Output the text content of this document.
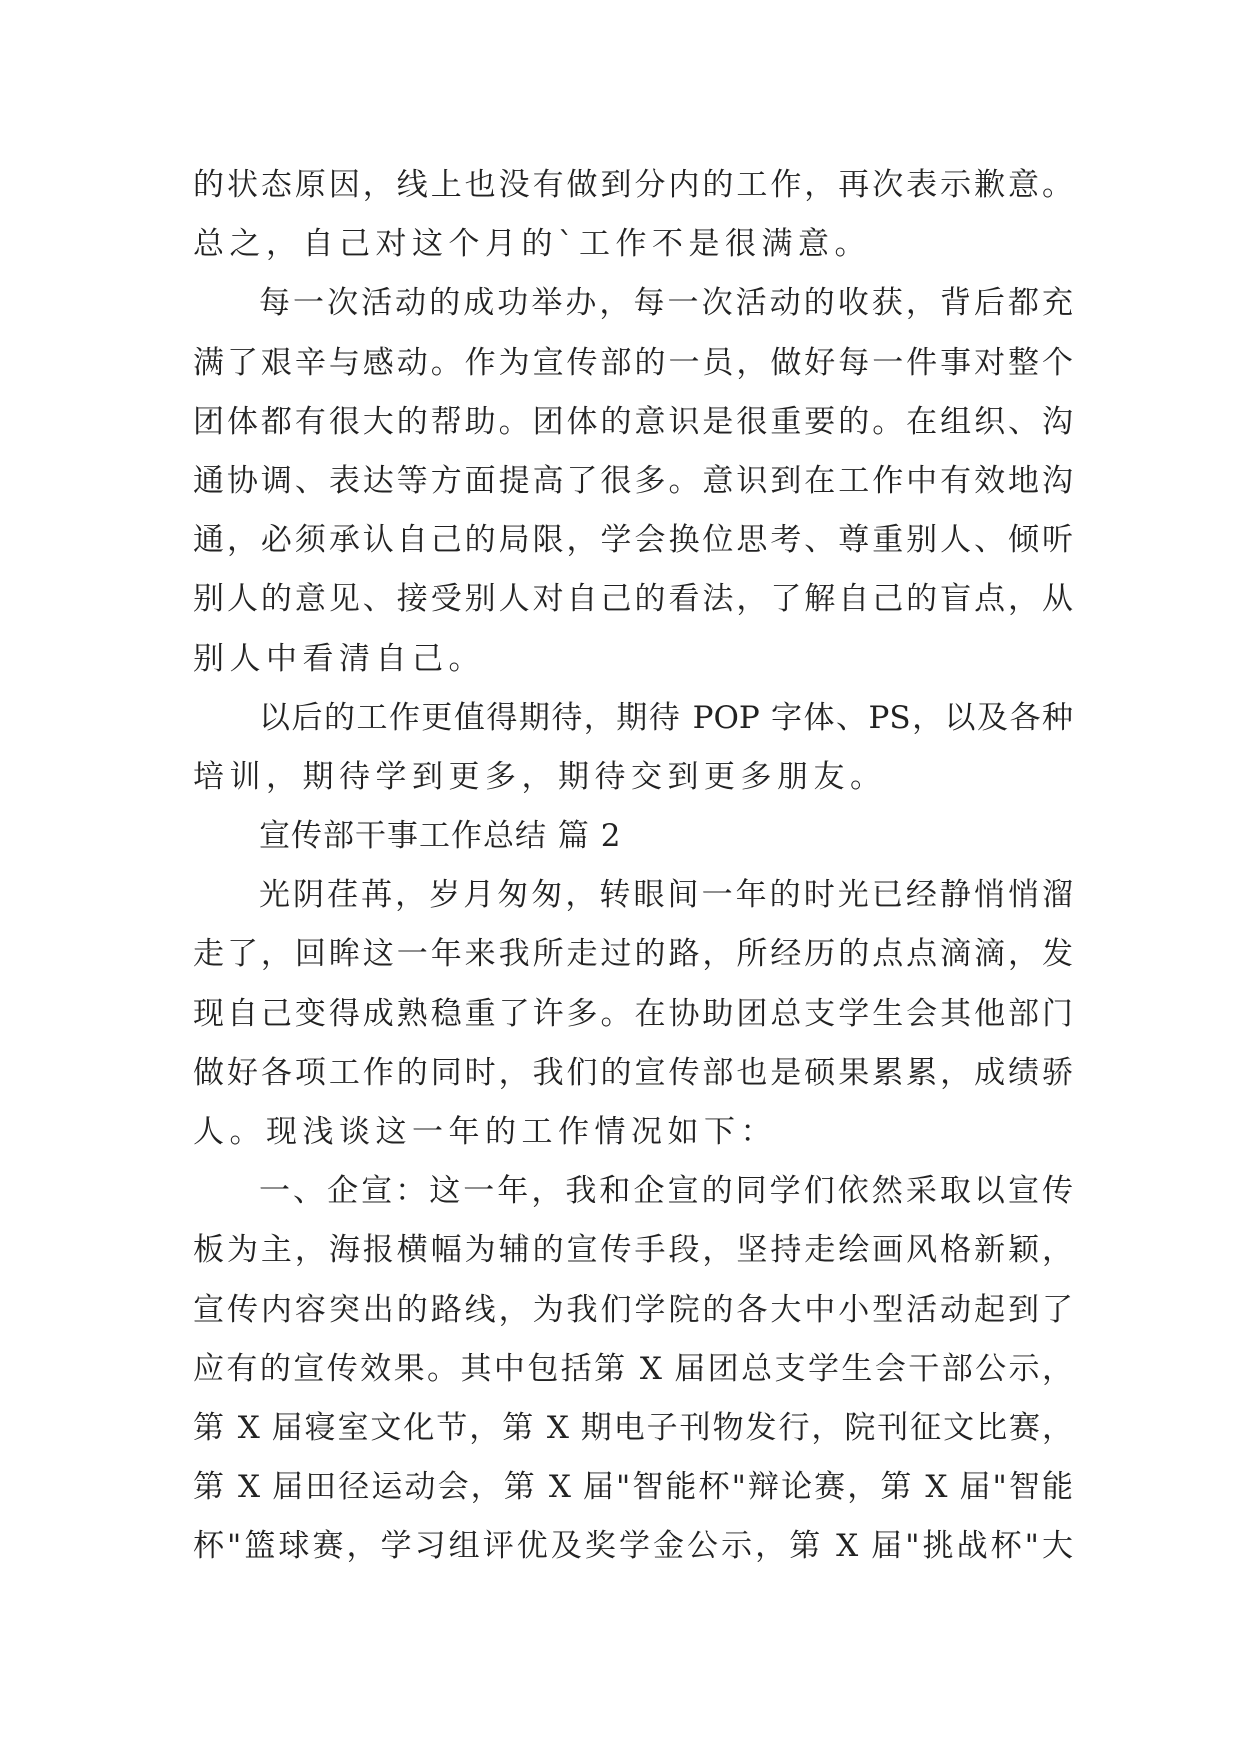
的状态原因，线上也没有做到分内的工作，再次表示歉意。
总之，自己对这个月的`工作不是很满意。
每一次活动的成功举办，每一次活动的收获，背后都充
满了艰辛与感动。作为宣传部的一员，做好每一件事对整个
团体都有很大的帮助。团体的意识是很重要的。在组织、沟
通协调、表达等方面提高了很多。意识到在工作中有效地沟
通，必须承认自己的局限，学会换位思考、尊重别人、倾听
别人的意见、接受别人对自己的看法，了解自己的盲点，从
别人中看清自己。
以后的工作更值得期待，期待 POP 字体、PS，以及各种
培训，期待学到更多，期待交到更多朋友。
宣传部干事工作总结 篇 2
光阴荏苒，岁月匆匆，转眼间一年的时光已经静悄悄溜
走了，回眸这一年来我所走过的路，所经历的点点滴滴，发
现自己变得成熟稳重了许多。在协助团总支学生会其他部门
做好各项工作的同时，我们的宣传部也是硕果累累，成绩骄
人。现浅谈这一年的工作情况如下：
一、企宣：这一年，我和企宣的同学们依然采取以宣传
板为主，海报横幅为辅的宣传手段，坚持走绘画风格新颖，
宣传内容突出的路线，为我们学院的各大中小型活动起到了
应有的宣传效果。其中包括第 X 届团总支学生会干部公示，
第 X 届寝室文化节，第 X 期电子刊物发行，院刊征文比赛，
第 X 届田径运动会，第 X 届"智能杯"辩论赛，第 X 届"智能
杯"篮球赛，学习组评优及奖学金公示，第 X 届"挑战杯"大
